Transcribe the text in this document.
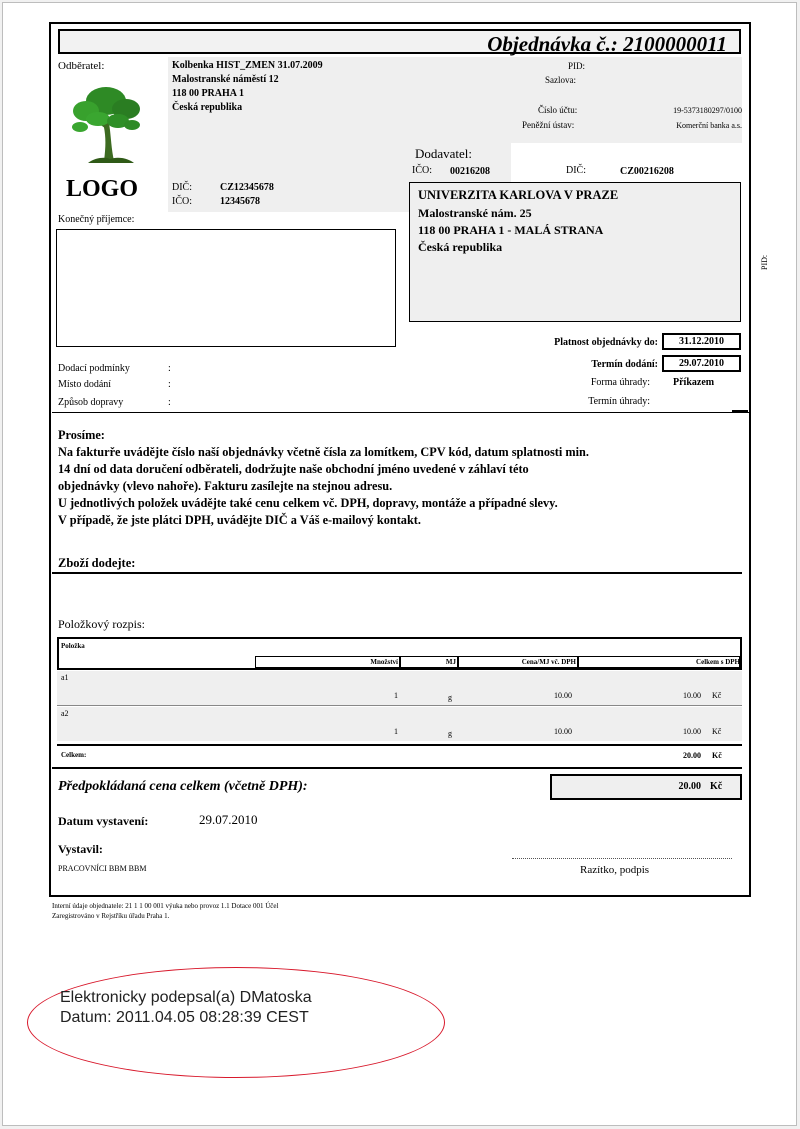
Objednávka č.: 2100000011
Odběratel:	Kolbenka HIST_ZMEN 31.07.2009
Malostranské náměstí 12
118 00 PRAHA 1
Česká republika
LOGO	DIČ:	CZ12345678
IČO:	12345678
PID:
Sazlova:
Číslo účtu:	19-5373180297/0100
Peněžní ústav:	Komerční banka a.s.
Dodavatel:
IČO: 00216208	DIČ:	CZ00216208
Konečný příjemce:
UNIVERZITA KARLOVA V PRAZE
Malostranské nám. 25
118 00 PRAHA 1 - MALÁ STRANA
Česká republika
PID:
Platnost objednávky do:	31.12.2010
Termín dodání:	29.07.2010
Forma úhrady: Příkazem
Termín úhrady:
Dodací podmínky	:
Místo dodání	:
Způsob dopravy	:
Prosíme:
Na fakturře uvádějte číslo naší objednávky včetně čísla za lomítkem, CPV kód, datum splatnosti min.
14 dní od data doručení odběrateli, dodržujte naše obchodní jméno uvedené v záhlaví této
objednávky (vlevo nahoře). Fakturu zasílejte na stejnou adresu.
U jednotlivých položek uvádějte také cenu celkem vč. DPH, dopravy, montáže a případné slevy.
V případě, že jste plátci DPH, uvádějte DIČ a Váš e-mailový kontakt.
Zboží dodejte:
Položkový rozpis:
Položka
Množství	MJ	Cena/MJ vč. DPH	Celkem s DPH
a1
1	g	10.00	10.00 Kč
a2
1	g	10.00	10.00 Kč
Celkem:	20.00 Kč
Předpokládaná cena celkem (včetně DPH):	20.00 Kč
Datum vystavení:	29.07.2010
Vystavil:
PRACOVNÍCI BBM BBM	Razítko, podpis
Interní údaje objednatele: 21 1 1 00 001 výuka nebo provoz 1.1 Dotace 001 Účel
Zaregistrováno v Rejstříku úřadu Praha 1.
Elektronicky podepsal(a) DMatoska
Datum: 2011.04.05 08:28:39 CEST
